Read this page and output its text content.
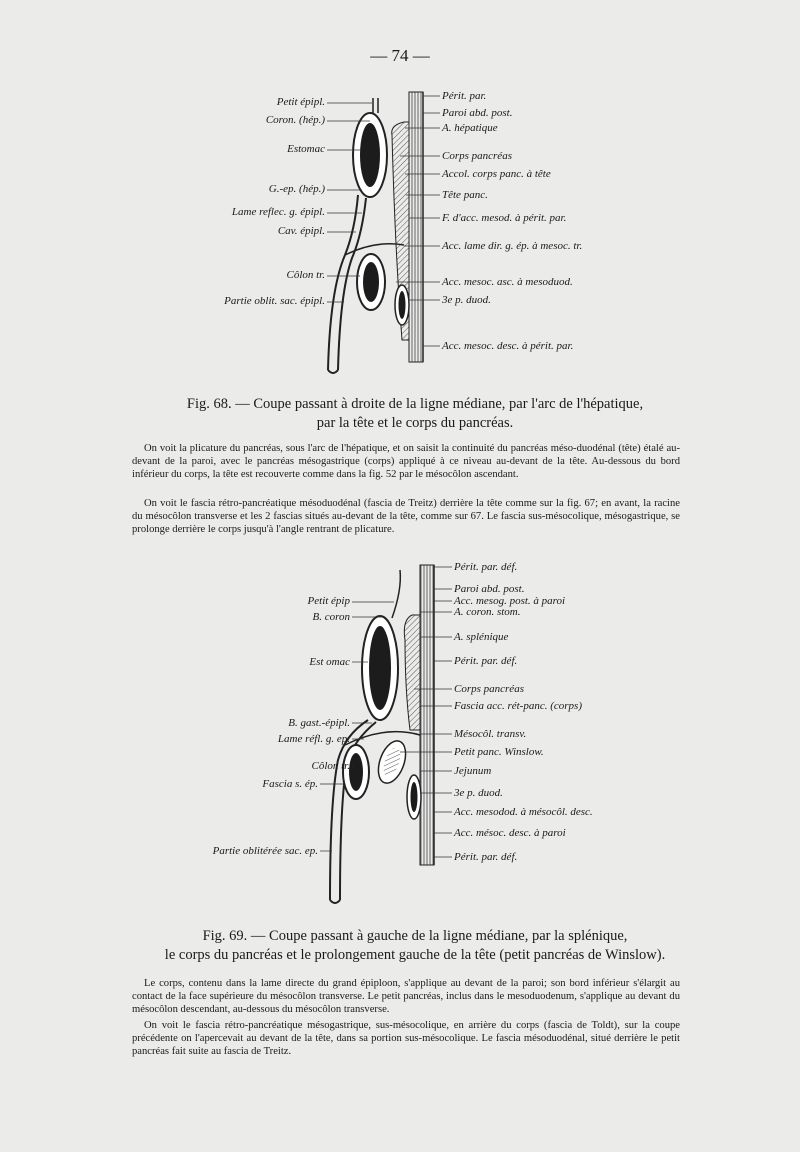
— 74 —
Petit épipl.
Coron. (hép.)
Estomac
G.-ep. (hép.)
Lame reflec. g. épipl.
Cav. épipl.
Côlon tr.
Partie oblit. sac. épipl.
Périt. par.
Paroi abd. post.
A. hépatique
Corps pancréas
Accol. corps panc. à tête
Tête panc.
F. d'acc. mesod. à périt. par.
Acc. lame dir. g. ép. à mesoc. tr.
Acc. mesoc. asc. à mesoduod.
3e p. duod.
Acc. mesoc. desc. à périt. par.
Fig. 68. — Coupe passant à droite de la ligne médiane, par l'arc de l'hépatique,
par la tête et le corps du pancréas.

On voit la plicature du pancréas, sous l'arc de l'hépatique, et on saisit la continuité du pancréas méso-duodénal (tête) étalé au-devant de la paroi, avec le pancréas mésogastrique (corps) appliqué à ce niveau au-devant de la tête. Au-dessous du bord inférieur du corps, la tête est recouverte comme dans la fig. 52 par le mésocôlon ascendant.

On voit le fascia rétro-pancréatique mésoduodénal (fascia de Treitz) derrière la tête comme sur la fig. 67; en avant, la racine du mésocôlon transverse et les 2 fascias situés au-devant de la tête, comme sur 67. Le fascia sus-mésocolique, mésogastrique, se prolonge derrière le corps jusqu'à l'angle rentrant de plicature.

Petit épip
B. coron
Est omac
B. gast.-épipl.
Lame réfl. g. ep.
Côlon tr.
Fascia s. ép.
Partie oblitérée sac. ep.
Périt. par. déf.
Paroi abd. post.
Acc. mesog. post. à paroi
A. coron. stom.
A. splénique
Périt. par. déf.
Corps pancréas
Fascia acc. rét-panc. (corps)
Mésocôl. transv.
Petit panc. Winslow.
Jejunum
3e p. duod.
Acc. mesodod. à mésocôl. desc.
Acc. mésoc. desc. à paroi
Périt. par. déf.
Fig. 69. — Coupe passant à gauche de la ligne médiane, par la splénique,
le corps du pancréas et le prolongement gauche de la tête (petit pancréas de Winslow).

Le corps, contenu dans la lame directe du grand épiploon, s'applique au devant de la paroi; son bord inférieur s'élargit au contact de la face supérieure du mésocôlon transverse. Le petit pancréas, inclus dans le mesoduodenum, s'applique au devant du mésocôlon descendant, au-dessous du mésocôlon transverse.

On voit le fascia rétro-pancréatique mésogastrique, sus-mésocolique, en arrière du corps (fascia de Toldt), sur la coupe précédente on l'apercevait au devant de la tête, dans sa portion sus-mésocolique. Le fascia mésoduodénal, situé derrière le petit pancréas fait suite au fascia de Treitz.
